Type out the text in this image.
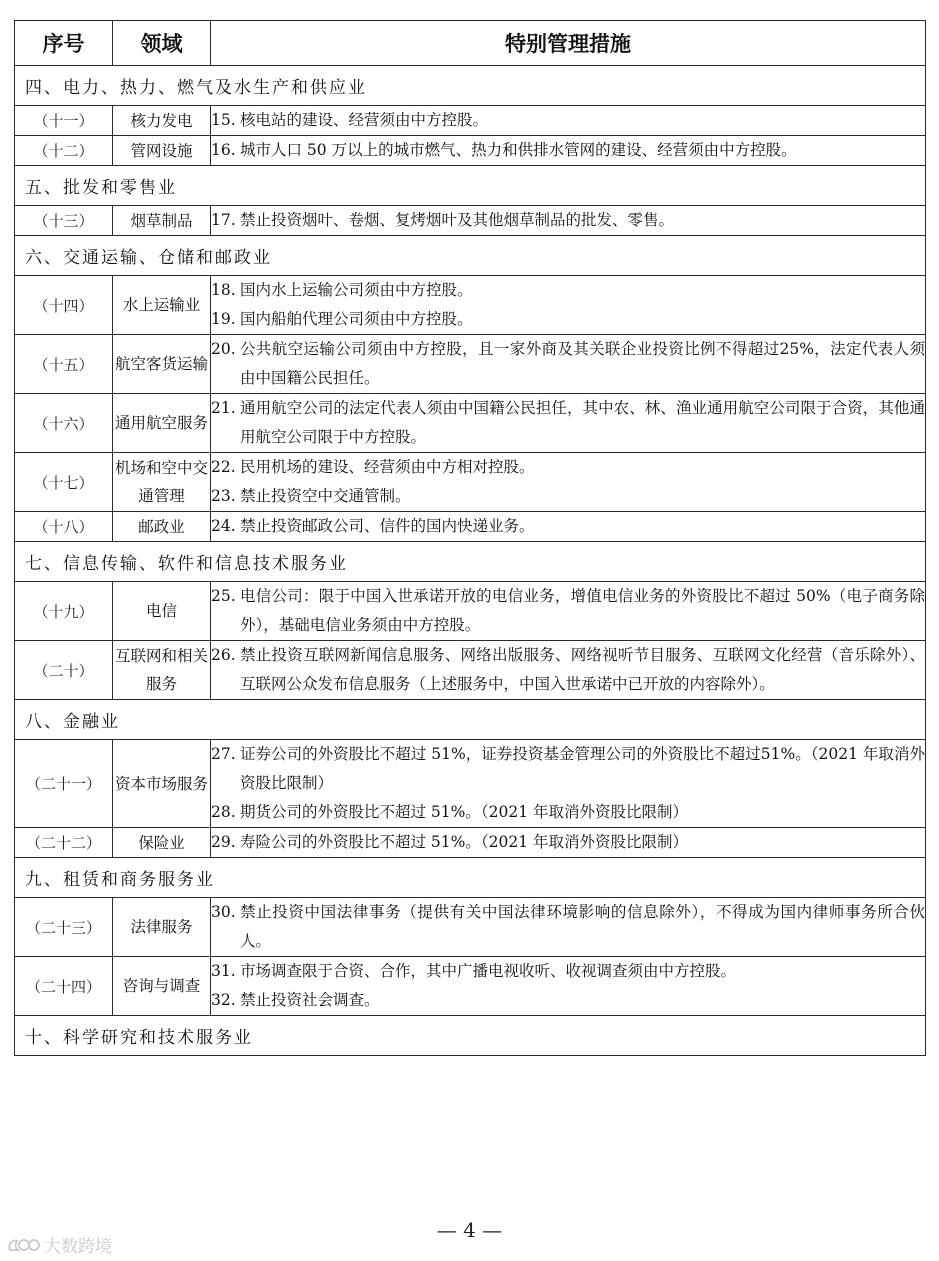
序号	领域	特别管理措施
四、电力、热力、燃气及水生产和供应业		
（十一）	核力发电	15. 核电站的建设、经营须由中方控股。

（十二）	管网设施	16. 城市人口 50 万以上的城市燃气、热力和供排水管网的建设、经营须由中方控股。

五、批发和零售业		
（十三）	烟草制品	17. 禁止投资烟叶、卷烟、复烤烟叶及其他烟草制品的批发、零售。

六、交通运输、仓储和邮政业		
（十四）	水上运输业	18. 国内水上运输公司须由中方控股。
19. 国内船舶代理公司须由中方控股。

（十五）	航空客货运输	20. 公共航空运输公司须由中方控股，且一家外商及其关联企业投资比例不得超过25%，法定代表人须由中国籍公民担任。

（十六）	通用航空服务	21. 通用航空公司的法定代表人须由中国籍公民担任，其中农、林、渔业通用航空公司限于合资，其他通用航空公司限于中方控股。

（十七）	机场和空中交通管理	22. 民用机场的建设、经营须由中方相对控股。
23. 禁止投资空中交通管制。

（十八）	邮政业	24. 禁止投资邮政公司、信件的国内快递业务。

七、信息传输、软件和信息技术服务业		
（十九）	电信	25. 电信公司：限于中国入世承诺开放的电信业务，增值电信业务的外资股比不超过 50%（电子商务除外），基础电信业务须由中方控股。

（二十）	互联网和相关服务	26. 禁止投资互联网新闻信息服务、网络出版服务、网络视听节目服务、互联网文化经营（音乐除外）、互联网公众发布信息服务（上述服务中，中国入世承诺中已开放的内容除外）。

八、金融业		
（二十一）	资本市场服务	27. 证券公司的外资股比不超过 51%，证券投资基金管理公司的外资股比不超过51%。（2021 年取消外资股比限制）
28. 期货公司的外资股比不超过 51%。（2021 年取消外资股比限制）

（二十二）	保险业	29. 寿险公司的外资股比不超过 51%。（2021 年取消外资股比限制）

九、租赁和商务服务业		
（二十三）	法律服务	30. 禁止投资中国法律事务（提供有关中国法律环境影响的信息除外），不得成为国内律师事务所合伙人。

（二十四）	咨询与调查	31. 市场调查限于合资、合作，其中广播电视收听、收视调查须由中方控股。
32. 禁止投资社会调查。

十、科学研究和技术服务业		
— 4 —
大数跨境
